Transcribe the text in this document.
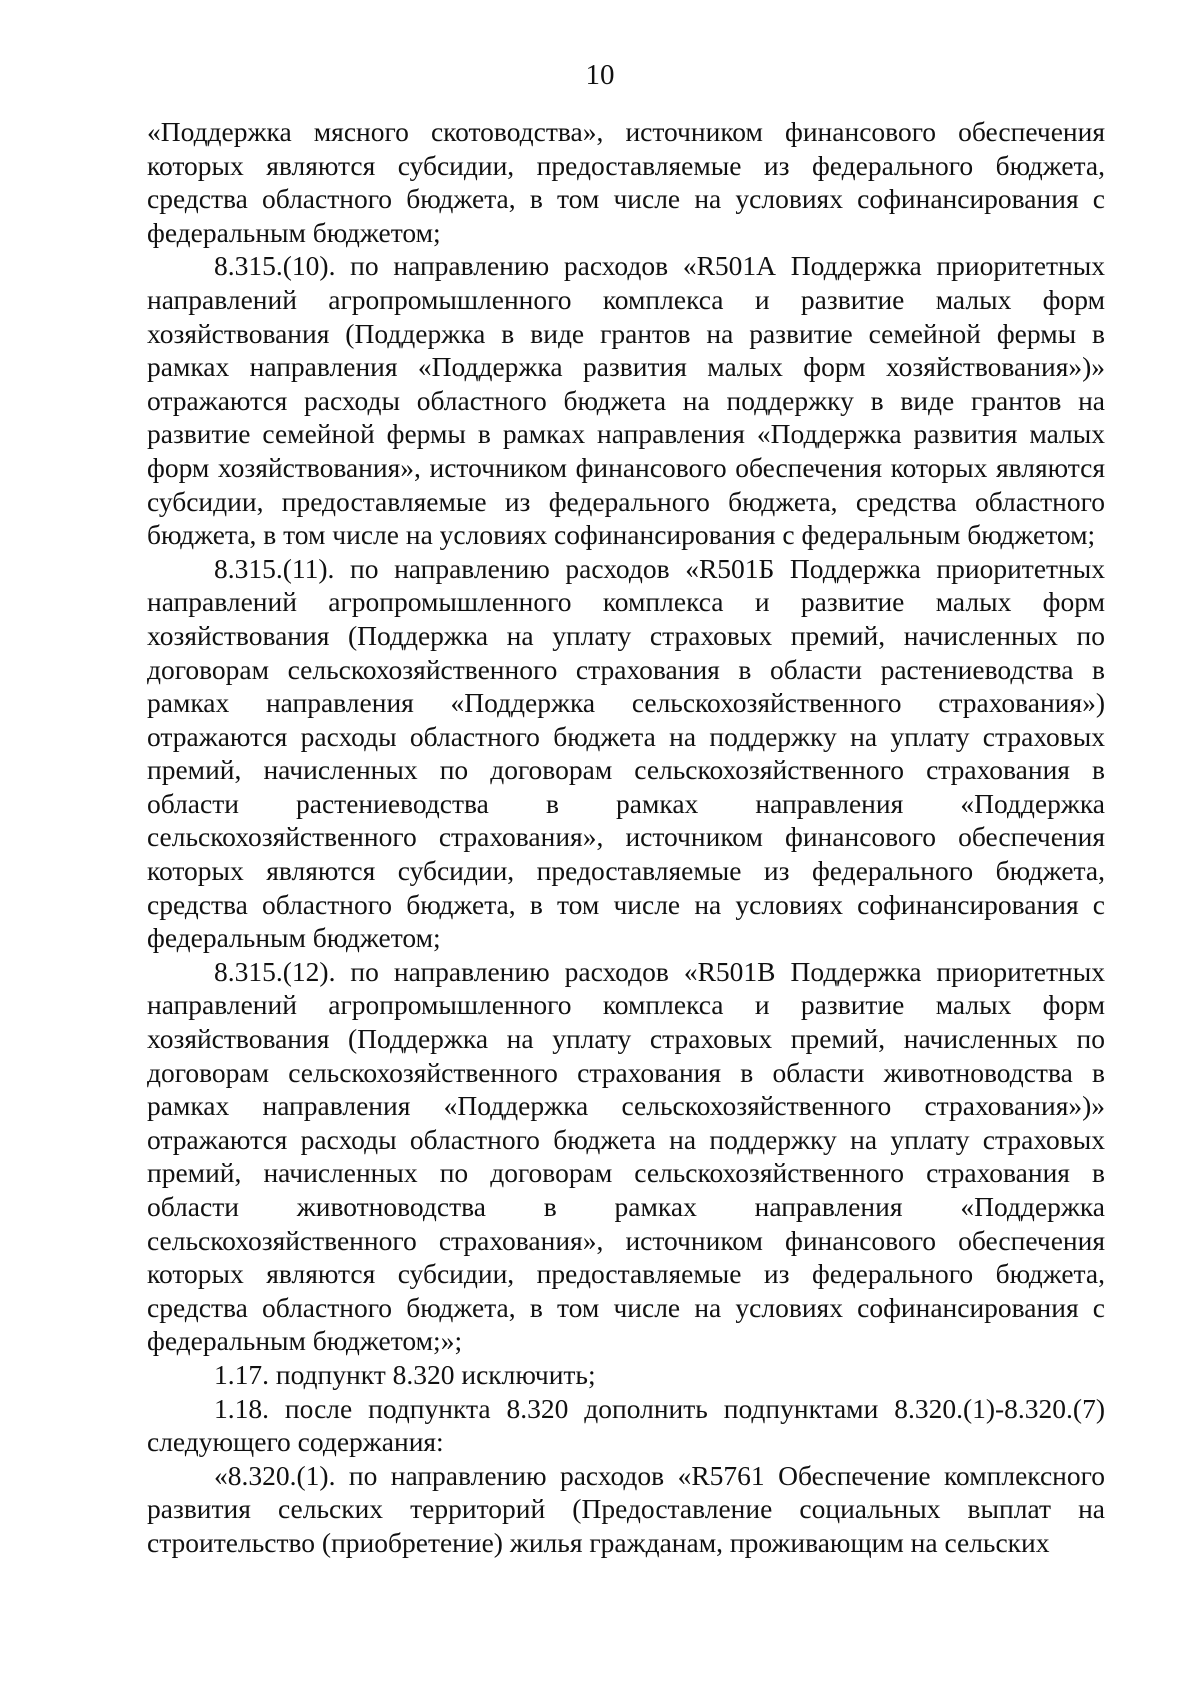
10

«Поддержка мясного скотоводства», источником финансового обеспечения которых являются субсидии, предоставляемые из федерального бюджета, средства областного бюджета, в том числе на условиях софинансирования с федеральным бюджетом;

8.315.(10). по направлению расходов «R501А Поддержка приоритетных направлений агропромышленного комплекса и развитие малых форм хозяйствования (Поддержка в виде грантов на развитие семейной фермы в рамках направления «Поддержка развития малых форм хозяйствования»)» отражаются расходы областного бюджета на поддержку в виде грантов на развитие семейной фермы в рамках направления «Поддержка развития малых форм хозяйствования», источником финансового обеспечения которых являются субсидии, предоставляемые из федерального бюджета, средства областного бюджета, в том числе на условиях софинансирования с федеральным бюджетом;

8.315.(11). по направлению расходов «R501Б Поддержка приоритетных направлений агропромышленного комплекса и развитие малых форм хозяйствования (Поддержка на уплату страховых премий, начисленных по договорам сельскохозяйственного страхования в области растениеводства в рамках направления «Поддержка сельскохозяйственного страхования») отражаются расходы областного бюджета на поддержку на уплату страховых премий, начисленных по договорам сельскохозяйственного страхования в области растениеводства в рамках направления «Поддержка сельскохозяйственного страхования», источником финансового обеспечения которых являются субсидии, предоставляемые из федерального бюджета, средства областного бюджета, в том числе на условиях софинансирования с федеральным бюджетом;

8.315.(12). по направлению расходов «R501В Поддержка приоритетных направлений агропромышленного комплекса и развитие малых форм хозяйствования (Поддержка на уплату страховых премий, начисленных по договорам сельскохозяйственного страхования в области животноводства в рамках направления «Поддержка сельскохозяйственного страхования»)» отражаются расходы областного бюджета на поддержку на уплату страховых премий, начисленных по договорам сельскохозяйственного страхования в области животноводства в рамках направления «Поддержка сельскохозяйственного страхования», источником финансового обеспечения которых являются субсидии, предоставляемые из федерального бюджета, средства областного бюджета, в том числе на условиях софинансирования с федеральным бюджетом;»;

1.17. подпункт 8.320 исключить;

1.18. после подпункта 8.320 дополнить подпунктами 8.320.(1)-8.320.(7) следующего содержания:

«8.320.(1). по направлению расходов «R5761 Обеспечение комплексного развития сельских территорий (Предоставление социальных выплат на строительство (приобретение) жилья гражданам, проживающим на сельских
